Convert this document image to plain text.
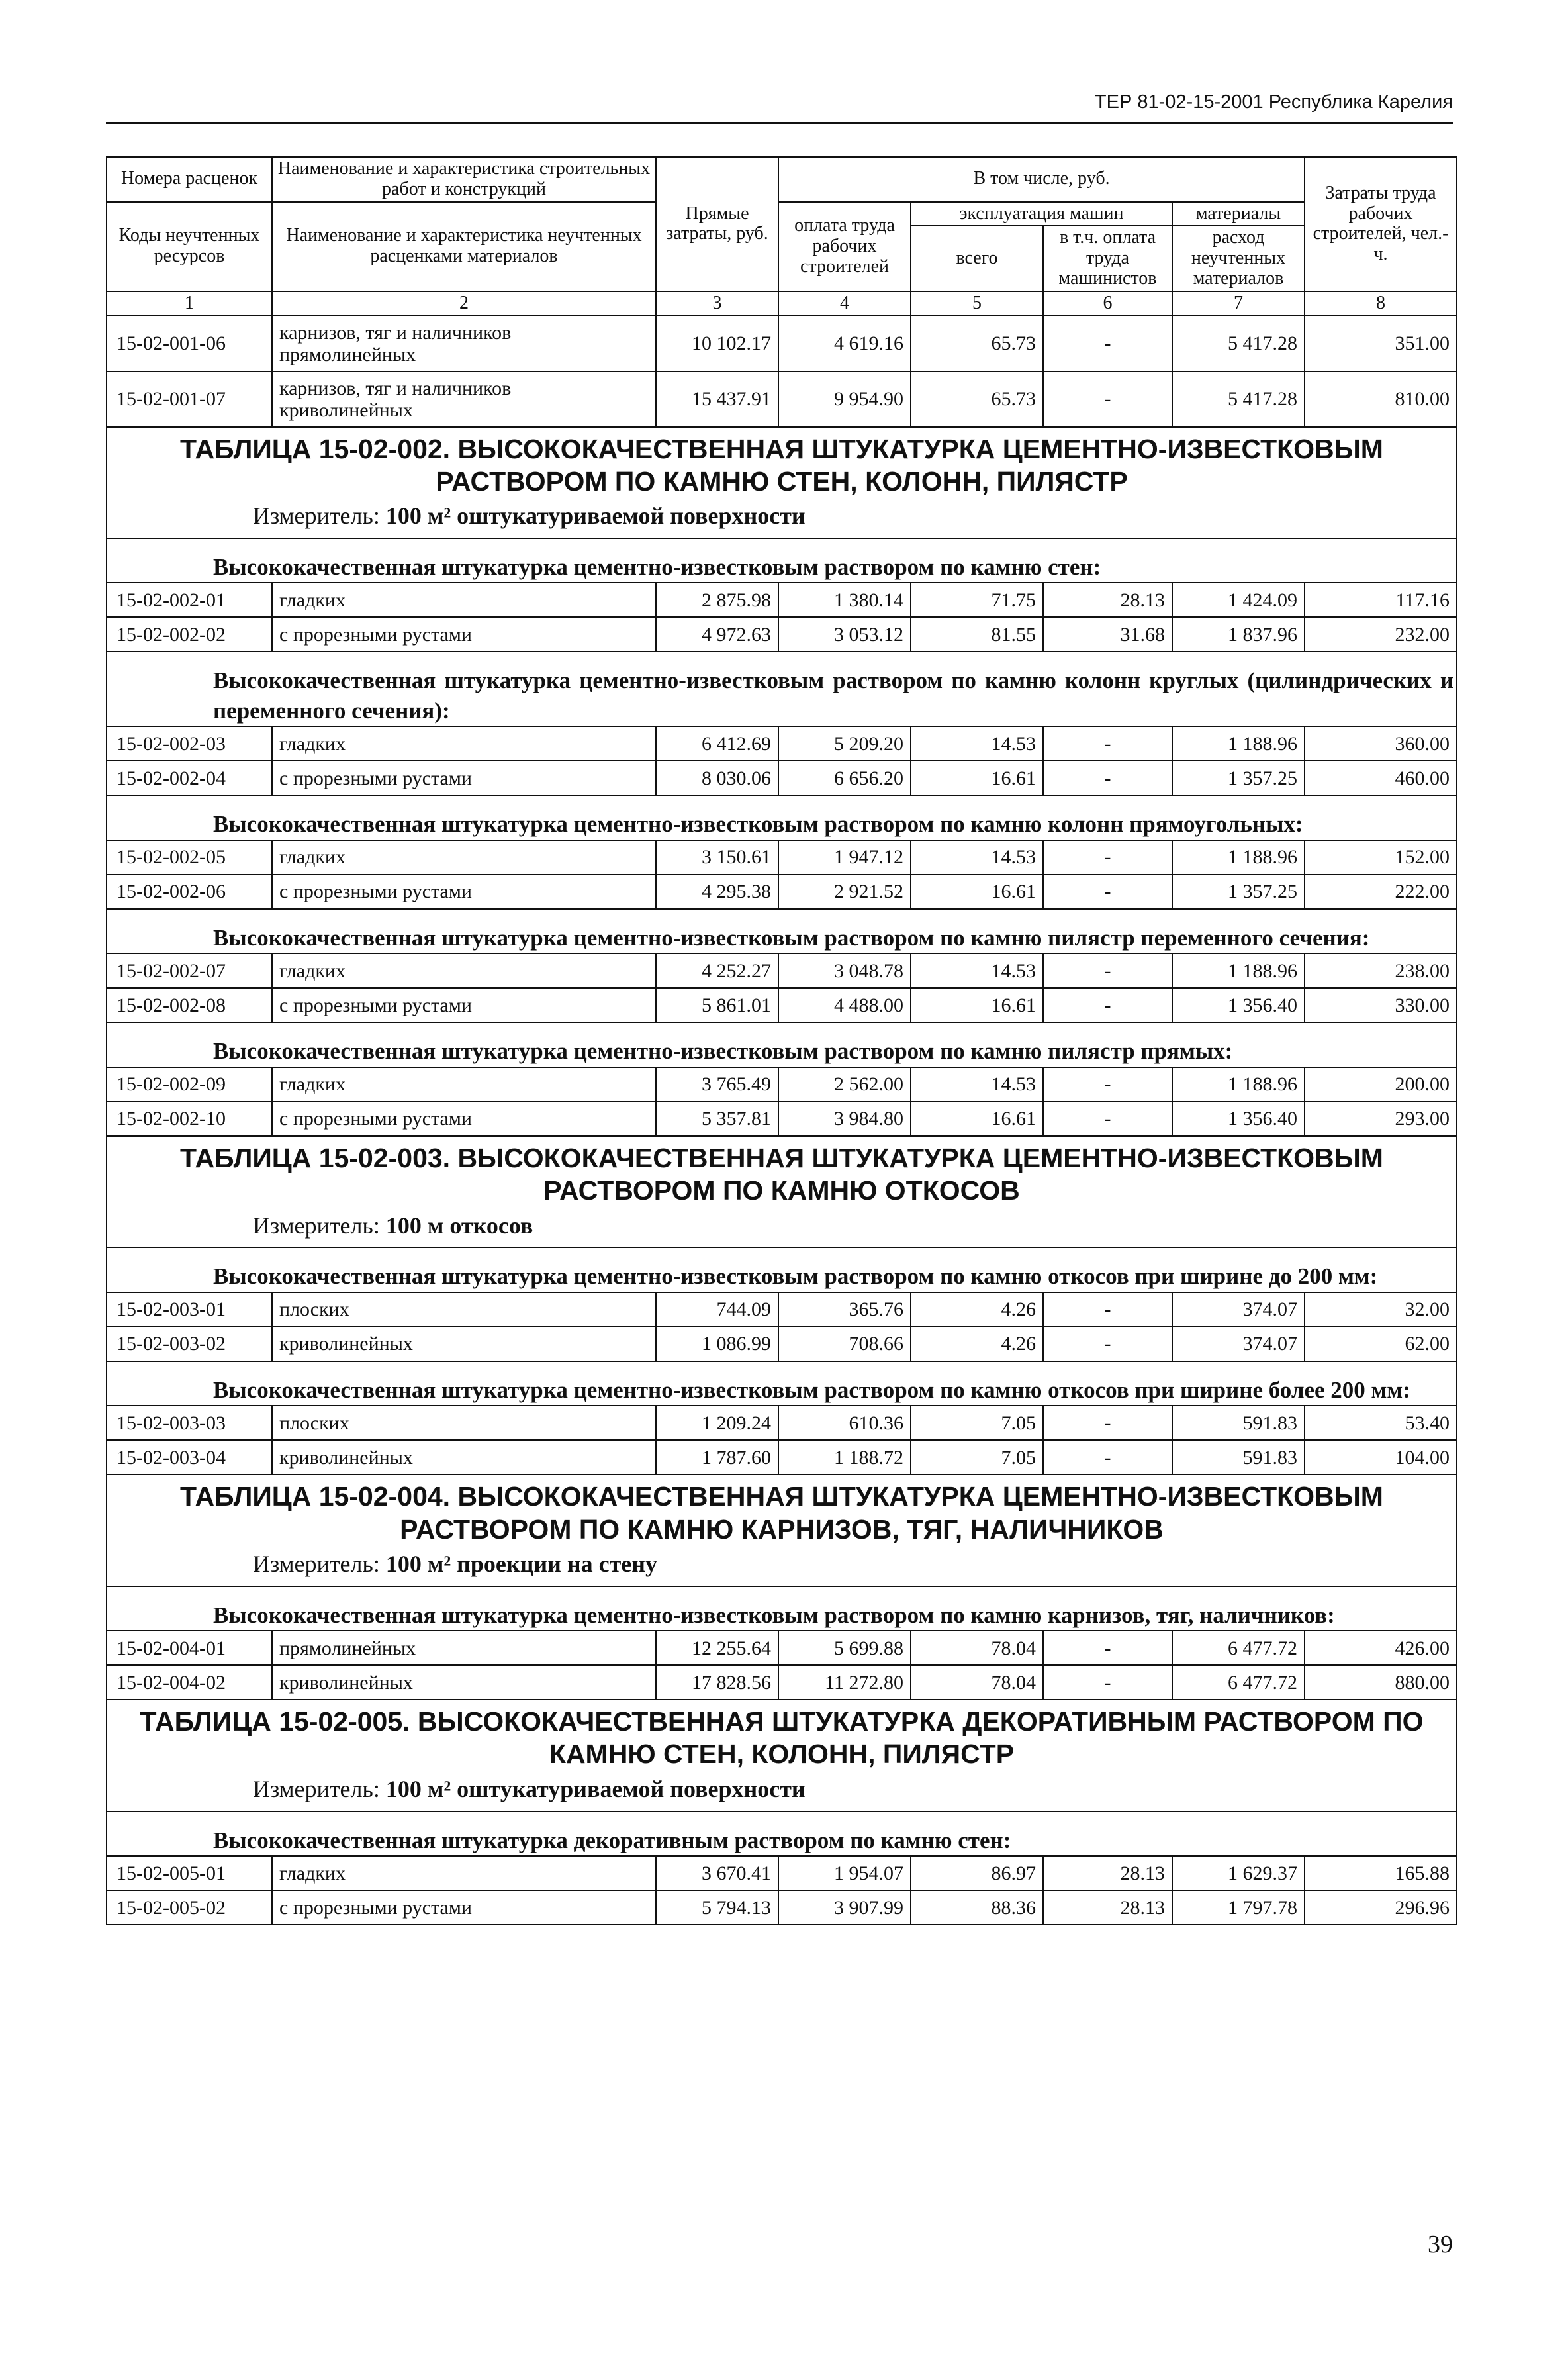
ТЕР 81-02-15-2001 Республика Карелия
Номера расценок	Наименование и характеристика строительных работ и конструкций	Прямые затраты, руб.	В том числе, руб.				Затраты труда рабочих строителей, чел.-ч.
Коды неучтенных ресурсов	Наименование и характеристика неучтенных расценками материалов		оплата труда рабочих строителей	эксплуатация машин		материалы	
				всего	в т.ч. оплата труда машинистов	расход неучтенных материалов	
1	2	3	4	5	6	7	8
15-02-001-06	карнизов, тяг и наличников прямолинейных	10 102.17	4 619.16	65.73	-	5 417.28	351.00
15-02-001-07	карнизов, тяг и наличников криволинейных	15 437.91	9 954.90	65.73	-	5 417.28	810.00
ТАБЛИЦА 15-02-002. ВЫСОКОКАЧЕСТВЕННАЯ ШТУКАТУРКА ЦЕМЕНТНО-ИЗВЕСТКОВЫМ РАСТВОРОМ ПО КАМНЮ СТЕН, КОЛОНН, ПИЛЯСТР							
Измеритель: 100 м² оштукатуриваемой поверхности							

Высококачественная штукатурка цементно-известковым раствором по камню стен:							
15-02-002-01	гладких	2 875.98	1 380.14	71.75	28.13	1 424.09	117.16
15-02-002-02	с прорезными рустами	4 972.63	3 053.12	81.55	31.68	1 837.96	232.00

Высококачественная штукатурка цементно-известковым раствором по камню колонн круглых (цилиндрических и переменного сечения):							
15-02-002-03	гладких	6 412.69	5 209.20	14.53	-	1 188.96	360.00
15-02-002-04	с прорезными рустами	8 030.06	6 656.20	16.61	-	1 357.25	460.00

Высококачественная штукатурка цементно-известковым раствором по камню колонн прямоугольных:							
15-02-002-05	гладких	3 150.61	1 947.12	14.53	-	1 188.96	152.00
15-02-002-06	с прорезными рустами	4 295.38	2 921.52	16.61	-	1 357.25	222.00

Высококачественная штукатурка цементно-известковым раствором по камню пилястр переменного сечения:							
15-02-002-07	гладких	4 252.27	3 048.78	14.53	-	1 188.96	238.00
15-02-002-08	с прорезными рустами	5 861.01	4 488.00	16.61	-	1 356.40	330.00

Высококачественная штукатурка цементно-известковым раствором по камню пилястр прямых:							
15-02-002-09	гладких	3 765.49	2 562.00	14.53	-	1 188.96	200.00
15-02-002-10	с прорезными рустами	5 357.81	3 984.80	16.61	-	1 356.40	293.00
ТАБЛИЦА 15-02-003. ВЫСОКОКАЧЕСТВЕННАЯ ШТУКАТУРКА ЦЕМЕНТНО-ИЗВЕСТКОВЫМ РАСТВОРОМ ПО КАМНЮ ОТКОСОВ							
Измеритель: 100 м откосов							

Высококачественная штукатурка цементно-известковым раствором по камню откосов при ширине до 200 мм:							
15-02-003-01	плоских	744.09	365.76	4.26	-	374.07	32.00
15-02-003-02	криволинейных	1 086.99	708.66	4.26	-	374.07	62.00

Высококачественная штукатурка цементно-известковым раствором по камню откосов при ширине более 200 мм:							
15-02-003-03	плоских	1 209.24	610.36	7.05	-	591.83	53.40
15-02-003-04	криволинейных	1 787.60	1 188.72	7.05	-	591.83	104.00
ТАБЛИЦА 15-02-004. ВЫСОКОКАЧЕСТВЕННАЯ ШТУКАТУРКА ЦЕМЕНТНО-ИЗВЕСТКОВЫМ РАСТВОРОМ ПО КАМНЮ КАРНИЗОВ, ТЯГ, НАЛИЧНИКОВ							
Измеритель: 100 м² проекции на стену							

Высококачественная штукатурка цементно-известковым раствором по камню карнизов, тяг, наличников:							
15-02-004-01	прямолинейных	12 255.64	5 699.88	78.04	-	6 477.72	426.00
15-02-004-02	криволинейных	17 828.56	11 272.80	78.04	-	6 477.72	880.00
ТАБЛИЦА 15-02-005. ВЫСОКОКАЧЕСТВЕННАЯ ШТУКАТУРКА ДЕКОРАТИВНЫМ РАСТВОРОМ ПО КАМНЮ СТЕН, КОЛОНН, ПИЛЯСТР							
Измеритель: 100 м² оштукатуриваемой поверхности							

Высококачественная штукатурка декоративным раствором по камню стен:							
15-02-005-01	гладких	3 670.41	1 954.07	86.97	28.13	1 629.37	165.88
15-02-005-02	с прорезными рустами	5 794.13	3 907.99	88.36	28.13	1 797.78	296.96
39
